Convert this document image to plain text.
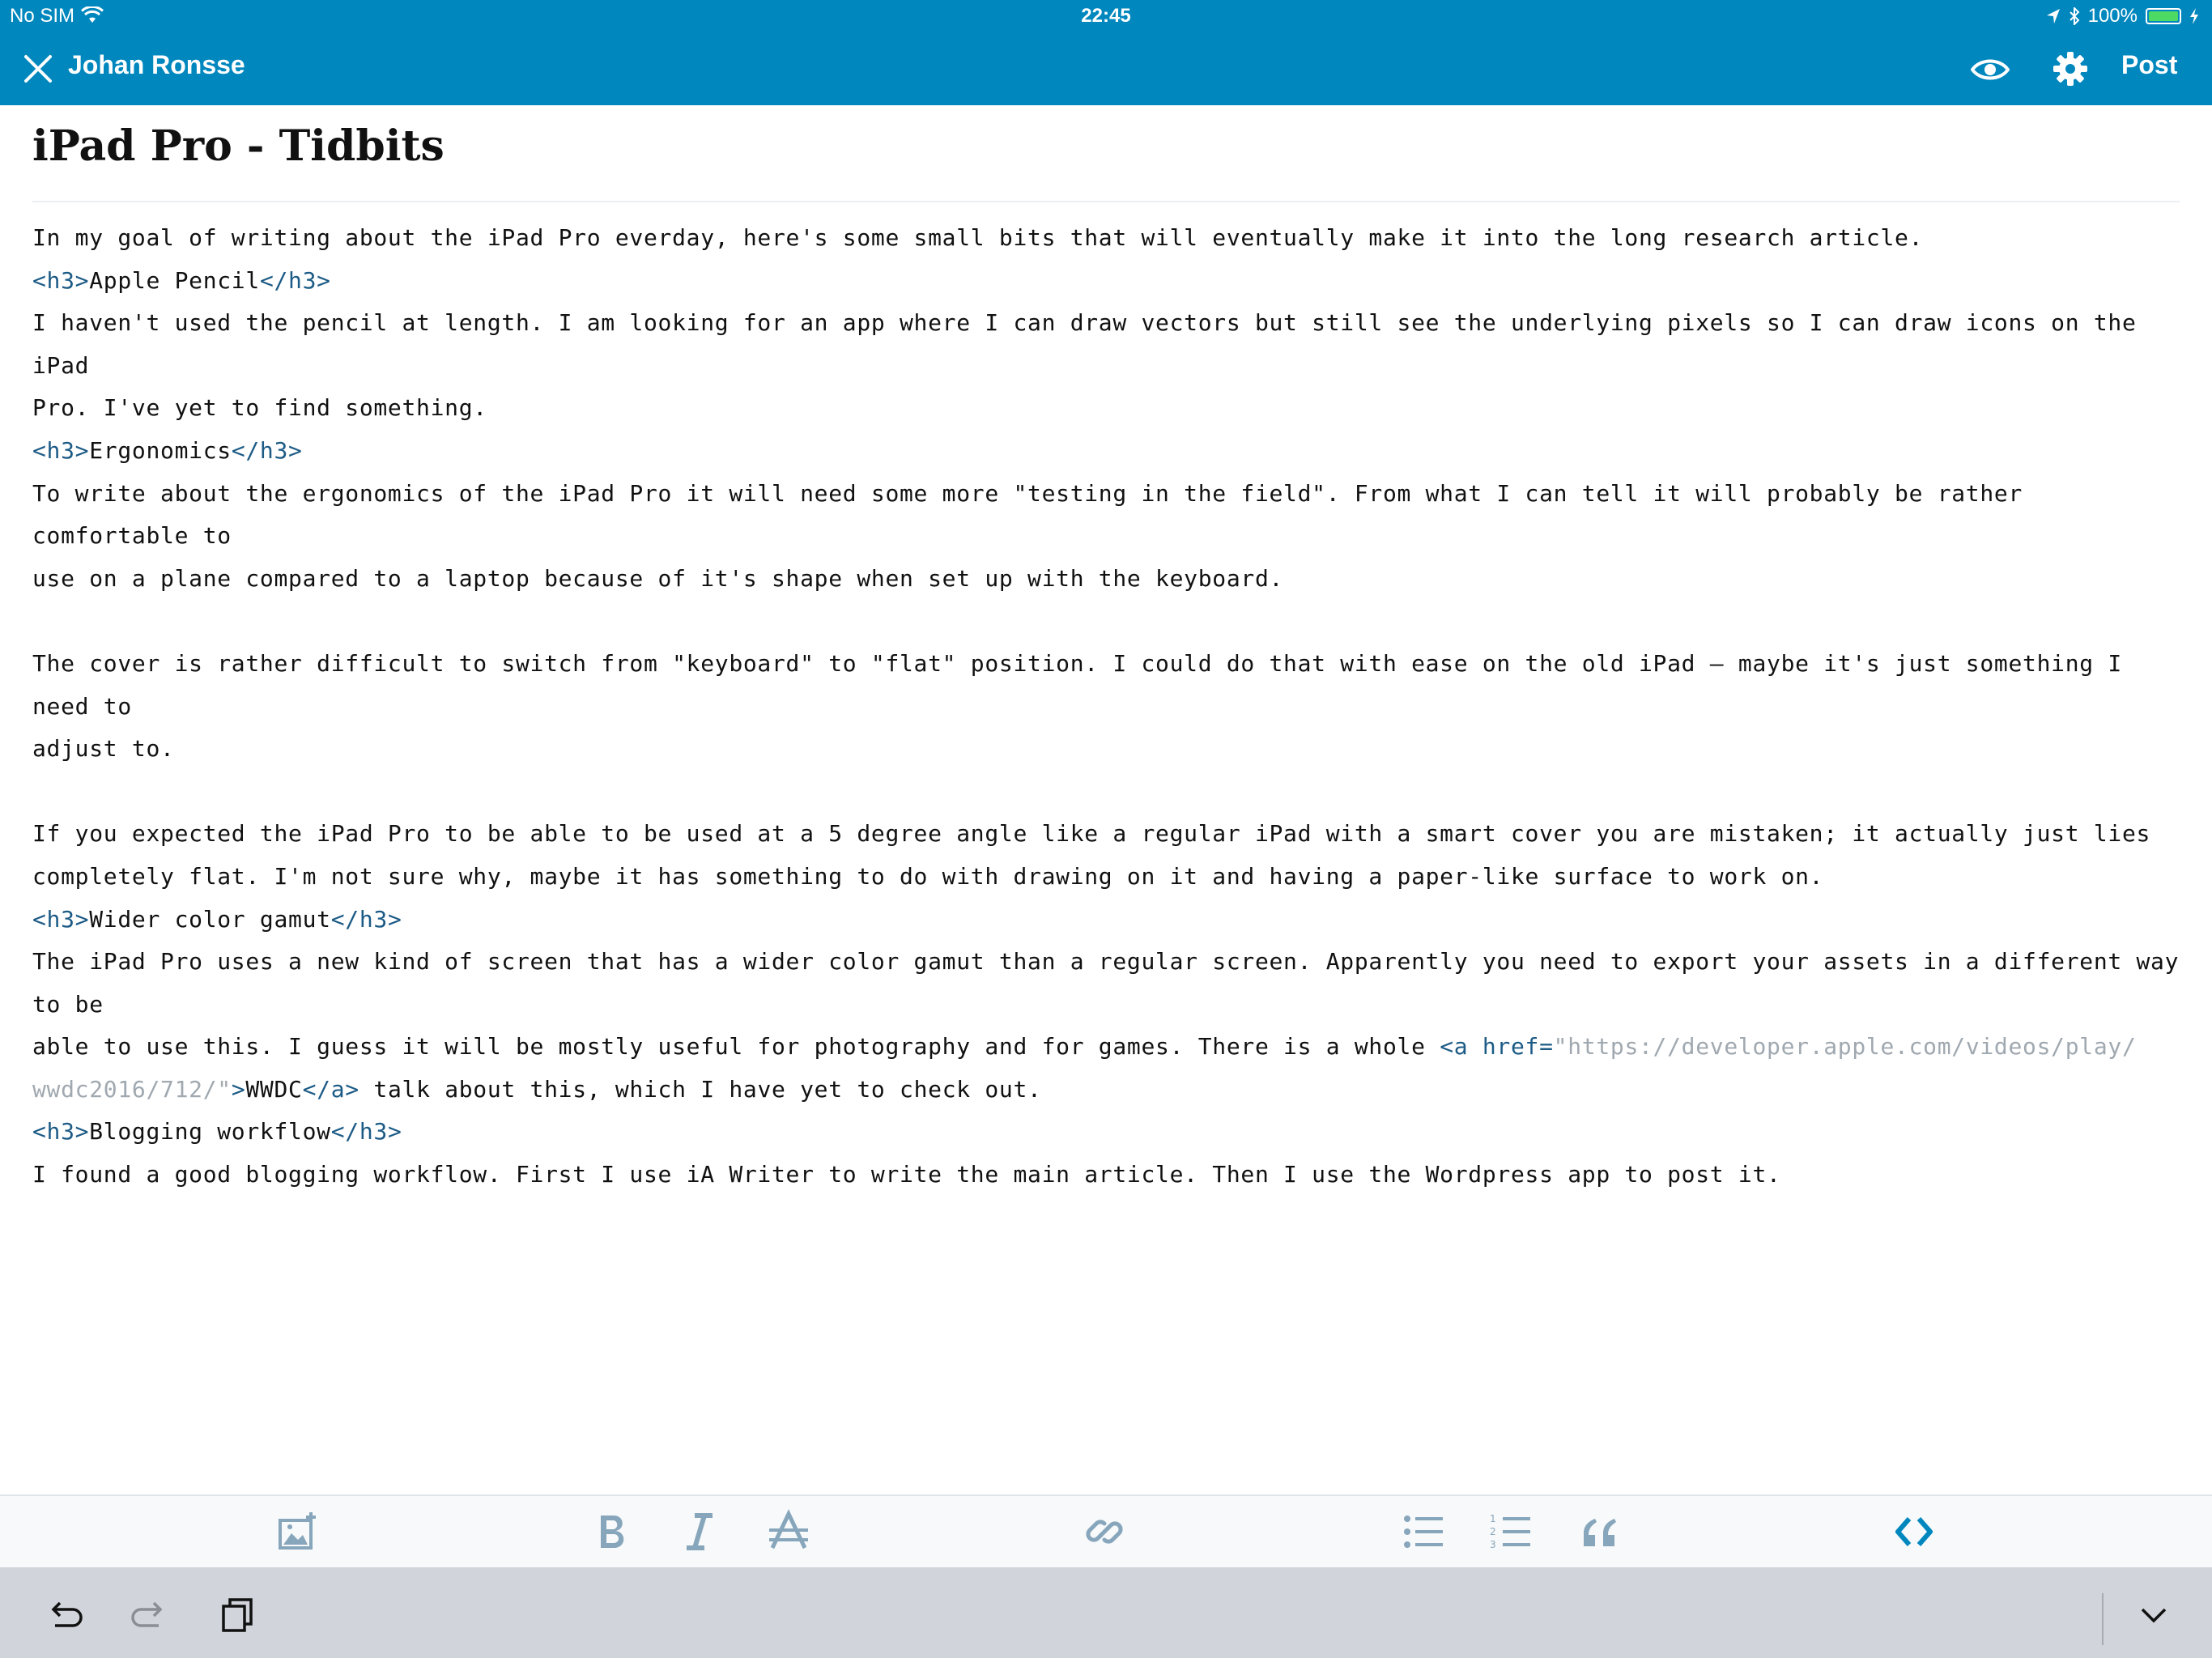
No SIM	22:45	100%
Johan Ronsse	Post
iPad Pro - Tidbits
In my goal of writing about the iPad Pro everday, here's some small bits that will eventually make it into the long research article.
<h3>Apple Pencil</h3>
I haven't used the pencil at length. I am looking for an app where I can draw vectors but still see the underlying pixels so I can draw icons on the iPad
Pro. I've yet to find something.
<h3>Ergonomics</h3>
To write about the ergonomics of the iPad Pro it will need some more "testing in the field". From what I can tell it will probably be rather comfortable to
use on a plane compared to a laptop because of it's shape when set up with the keyboard.
The cover is rather difficult to switch from "keyboard" to "flat" position. I could do that with ease on the old iPad — maybe it's just something I need to
adjust to.
If you expected the iPad Pro to be able to be used at a 5 degree angle like a regular iPad with a smart cover you are mistaken; it actually just lies
completely flat. I'm not sure why, maybe it has something to do with drawing on it and having a paper-like surface to work on.
<h3>Wider color gamut</h3>
The iPad Pro uses a new kind of screen that has a wider color gamut than a regular screen. Apparently you need to export your assets in a different way to be
able to use this. I guess it will be mostly useful for photography and for games. There is a whole <a href="https://developer.apple.com/videos/play/
wwdc2016/712/">WWDC</a> talk about this, which I have yet to check out.
<h3>Blogging workflow</h3>
I found a good blogging workflow. First I use iA Writer to write the main article. Then I use the Wordpress app to post it.
1
2
3
